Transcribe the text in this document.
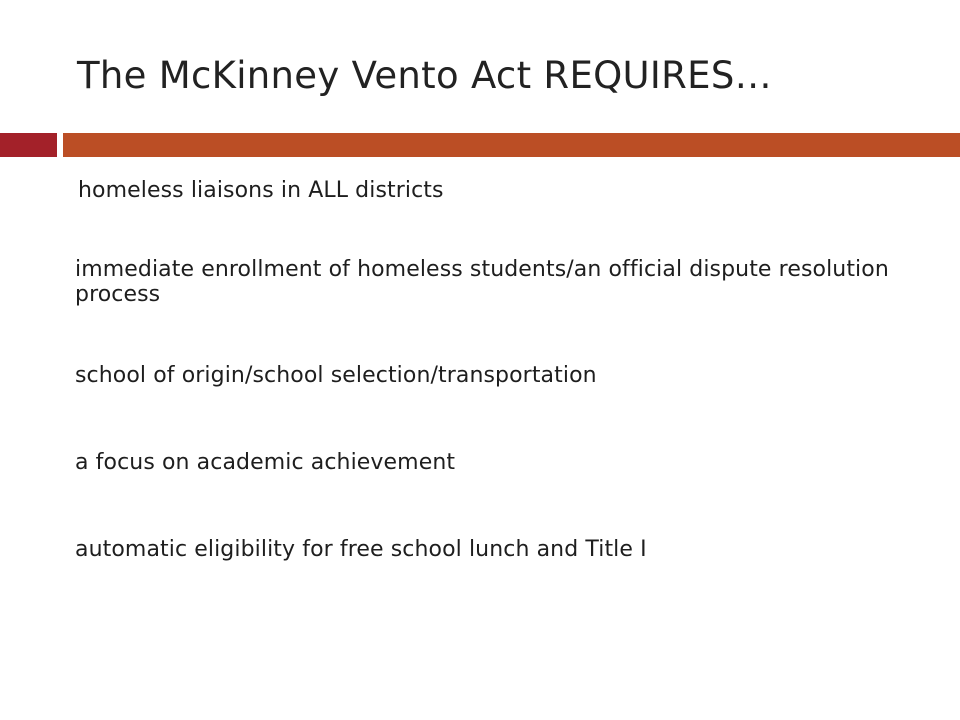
The McKinney Vento Act REQUIRES…
homeless liaisons in ALL districts
immediate enrollment of homeless students/an official dispute resolution process
school of origin/school selection/transportation
a focus on academic achievement
automatic eligibility for free school lunch and Title I
